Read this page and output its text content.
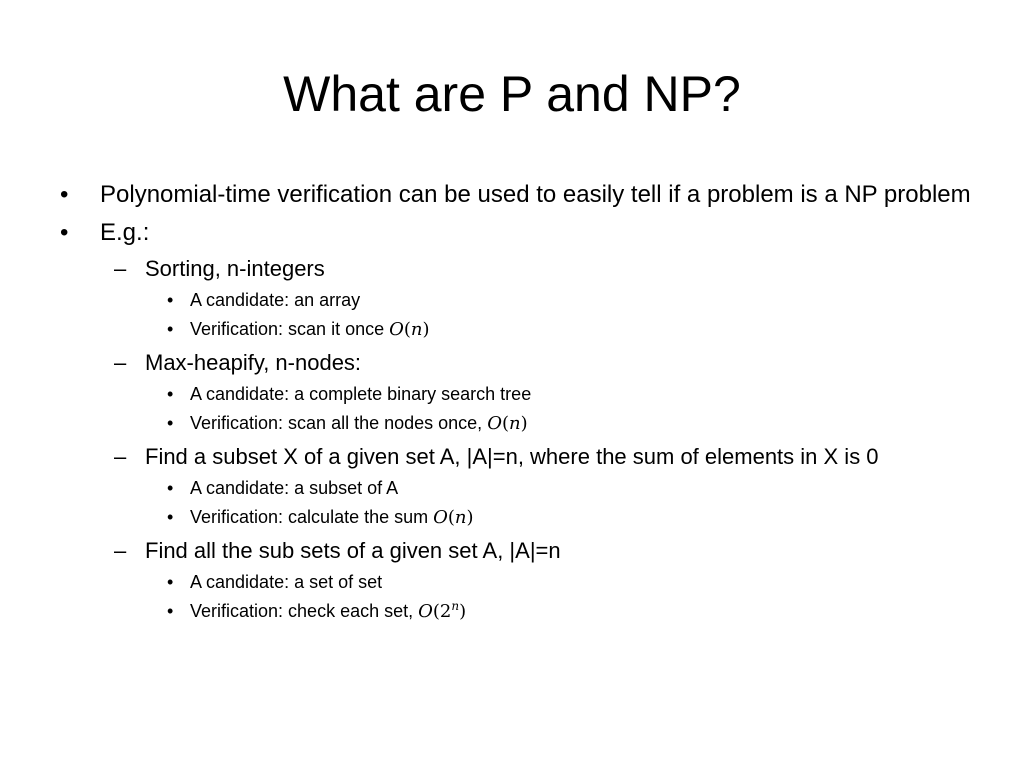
What are P and NP?
•	Polynomial-time verification can be used to easily tell if a problem is a NP problem
•	E.g.:
– Sorting, n-integers
• A candidate: an array
• Verification: scan it once O(n)
– Max-heapify, n-nodes:
• A candidate: a complete binary search tree
• Verification: scan all the nodes once, O(n)
– Find a subset X of a given set A, |A|=n, where the sum of elements in X is 0
• A candidate: a subset of A
• Verification: calculate the sum O(n)
– Find all the sub sets of a given set A, |A|=n
• A candidate: a set of set
• Verification: check each set, O(2$^n$)
